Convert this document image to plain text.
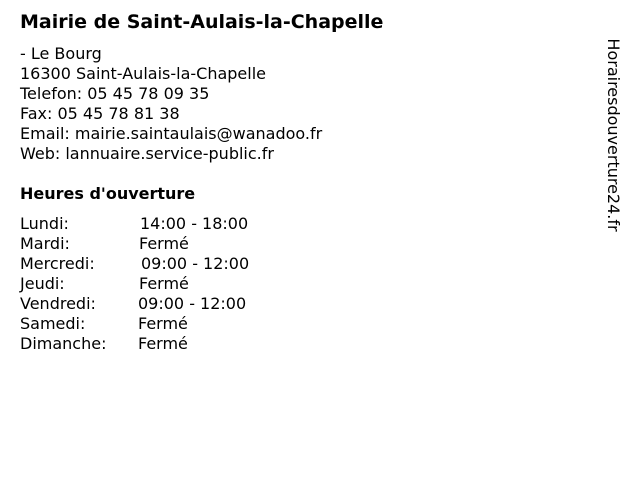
Mairie de Saint-Aulais-la-Chapelle
- Le Bourg
16300 Saint-Aulais-la-Chapelle
Telefon: 05 45 78 09 35
Fax: 05 45 78 81 38
Email: mairie.saintaulais@wanadoo.fr
Web: lannuaire.service-public.fr
Heures d'ouverture
Lundi:	14:00 - 18:00
Mardi:	Fermé
Mercredi:	09:00 - 12:00
Jeudi:	Fermé
Vendredi:	09:00 - 12:00
Samedi:	Fermé
Dimanche: Fermé
Horairesdouverture24.fr
